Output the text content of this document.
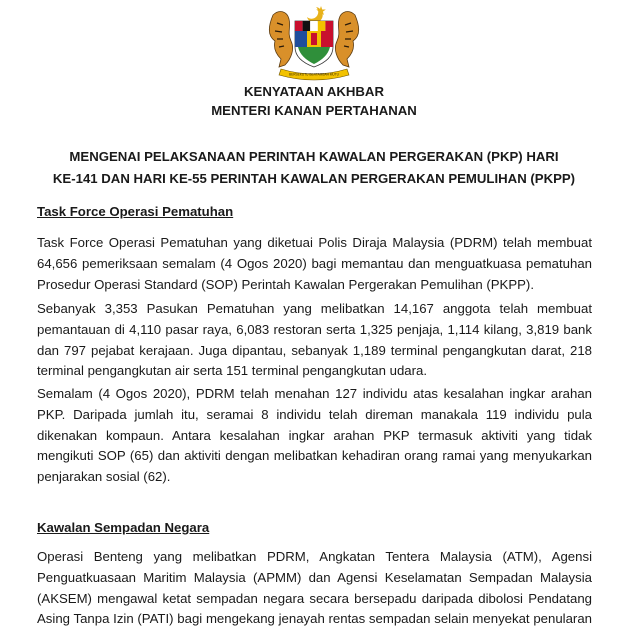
BERSEKUTU BERTAMBAH MUTU
KENYATAAN AKHBAR
MENTERI KANAN PERTAHANAN
MENGENAI PELAKSANAAN PERINTAH KAWALAN PERGERAKAN (PKP) HARI
KE-141 DAN HARI KE-55 PERINTAH KAWALAN PERGERAKAN PEMULIHAN (PKPP)
Task Force Operasi Pematuhan

Task Force Operasi Pematuhan yang diketuai Polis Diraja Malaysia (PDRM) telah membuat
64,656 pemeriksaan semalam (4 Ogos 2020) bagi memantau dan menguatkuasa pematuhan
Prosedur Operasi Standard (SOP) Perintah Kawalan Pergerakan Pemulihan (PKPP).

Sebanyak 3,353 Pasukan Pematuhan yang melibatkan 14,167 anggota telah membuat
pemantauan di 4,110 pasar raya, 6,083 restoran serta 1,325 penjaja, 1,114 kilang, 3,819 bank
dan 797 pejabat kerajaan. Juga dipantau, sebanyak 1,189 terminal pengangkutan darat, 218
terminal pengangkutan air serta 151 terminal pengangkutan udara.

Semalam (4 Ogos 2020), PDRM telah menahan 127 individu atas kesalahan ingkar arahan
PKP. Daripada jumlah itu, seramai 8 individu telah direman manakala 119 individu pula
dikenakan kompaun. Antara kesalahan ingkar arahan PKP termasuk aktiviti yang tidak
mengikuti SOP (65) dan aktiviti dengan melibatkan kehadiran orang ramai yang menyukarkan
penjarakan sosial (62).

Kawalan Sempadan Negara

Operasi Benteng yang melibatkan PDRM, Angkatan Tentera Malaysia (ATM), Agensi
Penguatkuasaan Maritim Malaysia (APMM) dan Agensi Keselamatan Sempadan Malaysia
(AKSEM) mengawal ketat sempadan negara secara bersepadu daripada dibolosi Pendatang
Asing Tanpa Izin (PATI) bagi mengekang jenayah rentas sempadan selain menyekat penularan
